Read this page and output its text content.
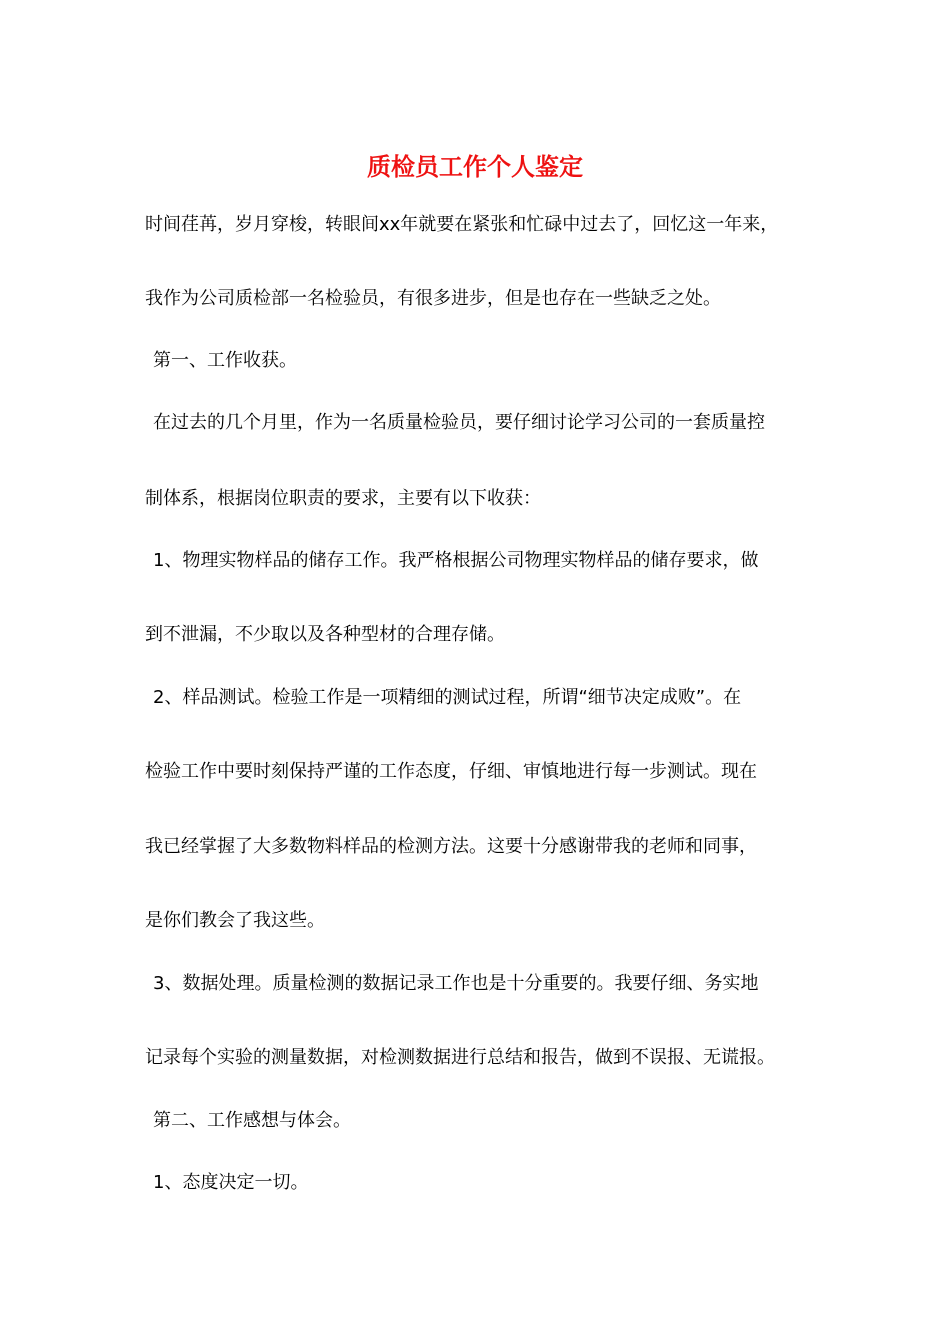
质检员工作个人鉴定
时间荏苒，岁月穿梭，转眼间xx年就要在紧张和忙碌中过去了，回忆这一年来，
我作为公司质检部一名检验员，有很多进步，但是也存在一些缺乏之处。
第一、工作收获。
在过去的几个月里，作为一名质量检验员，要仔细讨论学习公司的一套质量控
制体系，根据岗位职责的要求，主要有以下收获：
1、物理实物样品的储存工作。我严格根据公司物理实物样品的储存要求，做
到不泄漏，不少取以及各种型材的合理存储。
2、样品测试。检验工作是一项精细的测试过程，所谓“细节决定成败”。在
检验工作中要时刻保持严谨的工作态度，仔细、审慎地进行每一步测试。现在
我已经掌握了大多数物料样品的检测方法。这要十分感谢带我的老师和同事，
是你们教会了我这些。
3、数据处理。质量检测的数据记录工作也是十分重要的。我要仔细、务实地
记录每个实验的测量数据，对检测数据进行总结和报告，做到不误报、无谎报。
第二、工作感想与体会。
1、态度决定一切。
